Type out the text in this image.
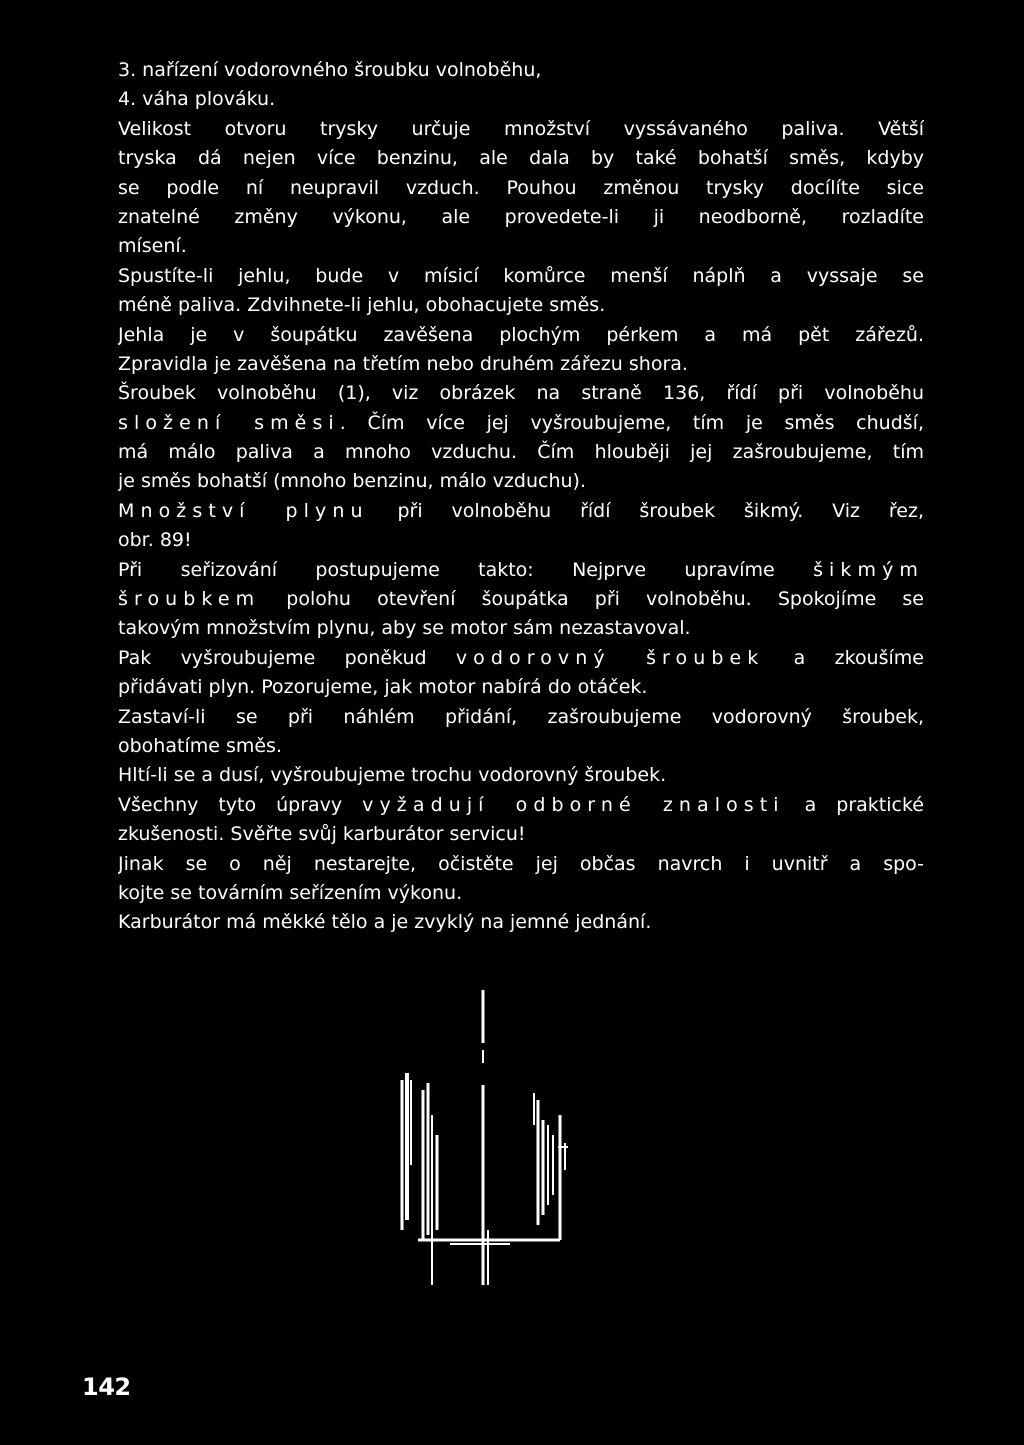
3. nařízení vodorovného šroubku volnoběhu,
4. váha plováku.
Velikost otvoru trysky určuje množství vyssávaného paliva. Větší
tryska dá nejen více benzinu, ale dala by také bohatší směs, kdyby
se podle ní neupravil vzduch. Pouhou změnou trysky docílíte sice
znatelné změny výkonu, ale provedete-li ji neodborně, rozladíte
mísení.
Spustíte-li jehlu, bude v mísicí komůrce menší náplň a vyssaje se
méně paliva. Zdvihnete-li jehlu, obohacujete směs.
Jehla je v šoupátku zavěšena plochým pérkem a má pět zářezů.
Zpravidla je zavěšena na třetím nebo druhém zářezu shora.
Šroubek volnoběhu (1), viz obrázek na straně 136, řídí při volnoběhu
složení směsi. Čím více jej vyšroubujeme, tím je směs chudší,
má málo paliva a mnoho vzduchu. Čím hlouběji jej zašroubujeme, tím
je směs bohatší (mnoho benzinu, málo vzduchu).
Množství plynu při volnoběhu řídí šroubek šikmý. Viz řez,
obr. 89!
Při seřizování postupujeme takto: Nejprve upravíme šikmým
šroubkem polohu otevření šoupátka při volnoběhu. Spokojíme se
takovým množstvím plynu, aby se motor sám nezastavoval.
Pak vyšroubujeme poněkud vodorovný šroubek a zkoušíme
přidávati plyn. Pozorujeme, jak motor nabírá do otáček.
Zastaví-li se při náhlém přidání, zašroubujeme vodorovný šroubek,
obohatíme směs.
Hltí-li se a dusí, vyšroubujeme trochu vodorovný šroubek.
Všechny tyto úpravy vyžadují odborné znalosti a praktické
zkušenosti. Svěřte svůj karburátor servicu!
Jinak se o něj nestarejte, očistěte jej občas navrch i uvnitř a spo-
kojte se továrním seřízením výkonu.
Karburátor má měkké tělo a je zvyklý na jemné jednání.
142
